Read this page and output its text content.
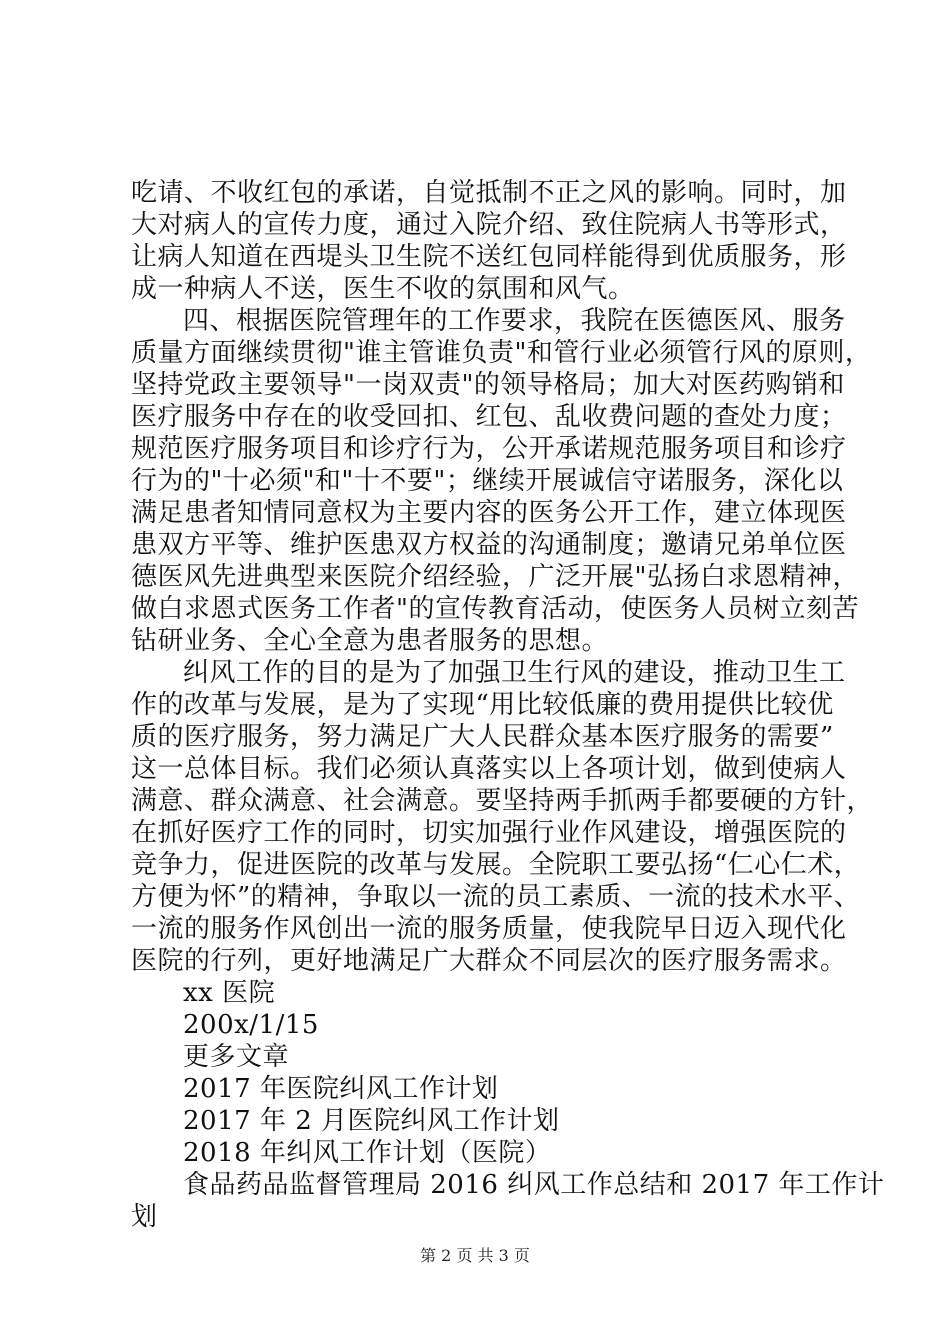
吃请、不收红包的承诺，自觉抵制不正之风的影响。同时，加
大对病人的宣传力度，通过入院介绍、致住院病人书等形式，
让病人知道在西堤头卫生院不送红包同样能得到优质服务，形
成一种病人不送，医生不收的氛围和风气。
四、根据医院管理年的工作要求，我院在医德医风、服务
质量方面继续贯彻"谁主管谁负责"和管行业必须管行风的原则，
坚持党政主要领导"一岗双责"的领导格局；加大对医药购销和
医疗服务中存在的收受回扣、红包、乱收费问题的查处力度；
规范医疗服务项目和诊疗行为，公开承诺规范服务项目和诊疗
行为的"十必须"和"十不要"；继续开展诚信守诺服务，深化以
满足患者知情同意权为主要内容的医务公开工作，建立体现医
患双方平等、维护医患双方权益的沟通制度；邀请兄弟单位医
德医风先进典型来医院介绍经验，广泛开展"弘扬白求恩精神，
做白求恩式医务工作者"的宣传教育活动，使医务人员树立刻苦
钻研业务、全心全意为患者服务的思想。
纠风工作的目的是为了加强卫生行风的建设，推动卫生工
作的改革与发展，是为了实现“用比较低廉的费用提供比较优
质的医疗服务，努力满足广大人民群众基本医疗服务的需要”
这一总体目标。我们必须认真落实以上各项计划，做到使病人
满意、群众满意、社会满意。要坚持两手抓两手都要硬的方针，
在抓好医疗工作的同时，切实加强行业作风建设，增强医院的
竞争力，促进医院的改革与发展。全院职工要弘扬“仁心仁术，
方便为怀”的精神，争取以一流的员工素质、一流的技术水平、
一流的服务作风创出一流的服务质量，使我院早日迈入现代化
医院的行列，更好地满足广大群众不同层次的医疗服务需求。
xx 医院
200x/1/15
更多文章
2017 年医院纠风工作计划
2017 年 2 月医院纠风工作计划
2018 年纠风工作计划（医院）
食品药品监督管理局 2016 纠风工作总结和 2017 年工作计
划
第 2 页 共 3 页
